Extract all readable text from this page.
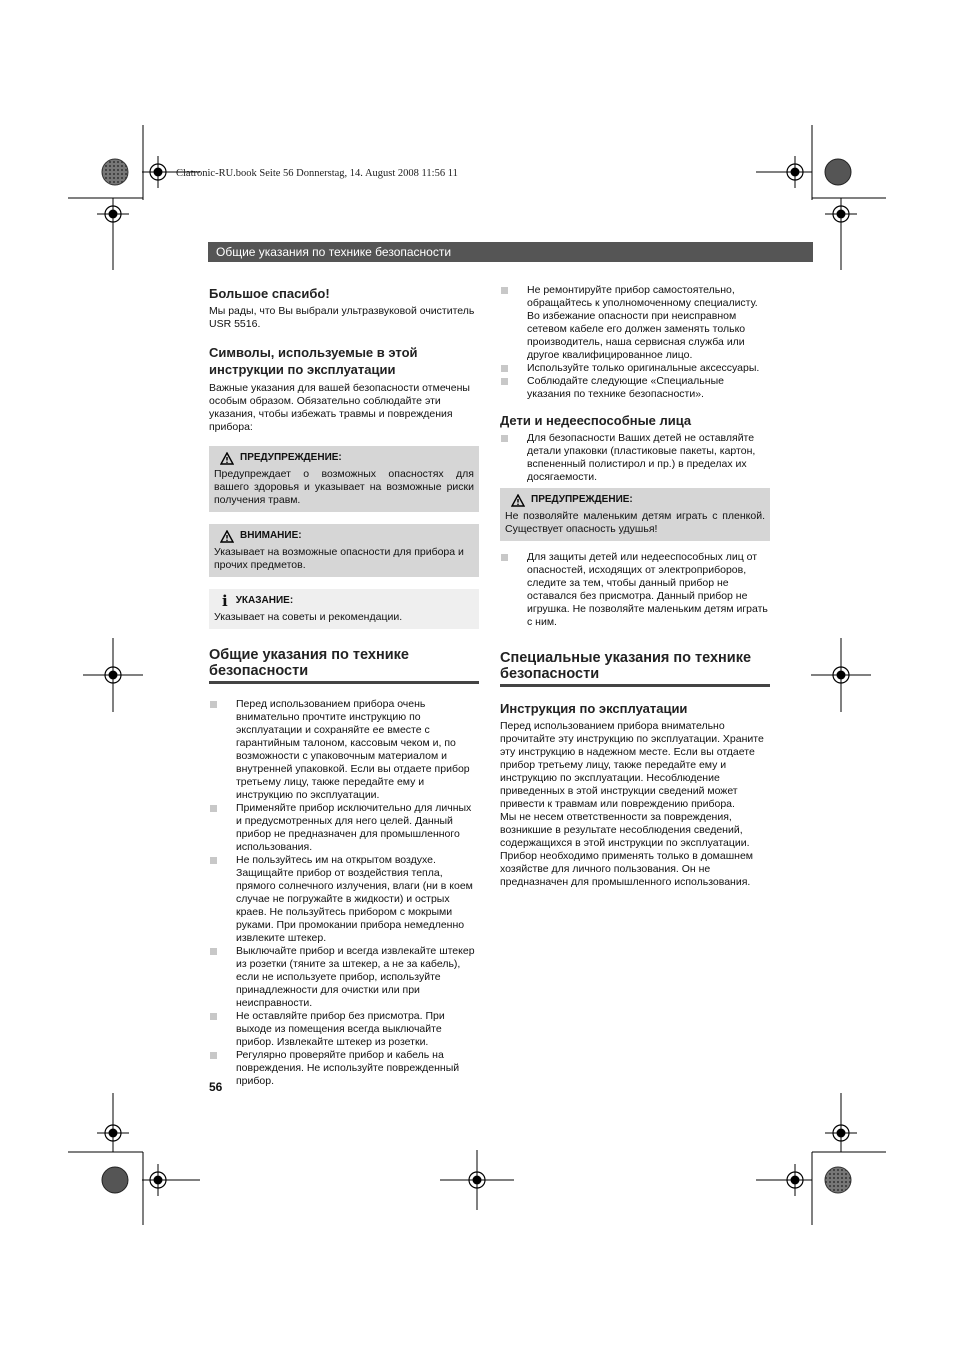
Clatronic-RU.book Seite 56 Donnerstag, 14. August 2008 11:56 11
Общие указания по технике безопасности
Большое спасибо!

Мы рады, что Вы выбрали ультразвуковой очиститель USR 5516.

Символы, используемые в этой инструкции по эксплуатации

Важные указания для вашей безопасности отмечены особым образом. Обязательно соблюдайте эти указания, чтобы избежать травмы и повреждения прибора:

ПРЕДУПРЕЖДЕНИЕ:

Предупреждает о возможных опасностях для вашего здоровья и указывает на возможные риски получения травм.

ВНИМАНИЕ:

Указывает на возможные опасности для прибора и прочих предметов.

i УКАЗАНИЕ:

Указывает на советы и рекомендации.

Общие указания по технике безопасности
Перед использованием прибора очень внимательно прочтите инструкцию по эксплуатации и сохраняйте ее вместе с гарантийным талоном, кассовым чеком и, по возможности с упаковочным материалом и внутренней упаковкой. Если вы отдаете прибор третьему лицу, также передайте ему и инструкцию по эксплуатации.
Применяйте прибор исключительно для личных и предусмотренных для него целей. Данный прибор не предназначен для промышленного использования.
Не пользуйтесь им на открытом воздухе. Защищайте прибор от воздействия тепла, прямого солнечного излучения, влаги (ни в коем случае не погружайте в жидкости) и острых краев. Не пользуйтесь прибором с мокрыми руками. При промокании прибора немедленно извлеките штекер.
Выключайте прибор и всегда извлекайте штекер из розетки (тяните за штекер, а не за кабель), если не используете прибор, используйте принадлежности для очистки или при неисправности.
Не оставляйте прибор без присмотра. При выходе из помещения всегда выключайте прибор. Извлекайте штекер из розетки.
Регулярно проверяйте прибор и кабель на повреждения. Не используйте поврежденный прибор.
Не ремонтируйте прибор самостоятельно, обращайтесь к уполномоченному специалисту. Во избежание опасности при неисправном сетевом кабеле его должен заменять только производитель, наша сервисная служба или другое квалифицированное лицо.
Используйте только оригинальные аксессуары.
Соблюдайте следующие «Специальные указания по технике безопасности».
Дети и недееспособные лица
Для безопасности Ваших детей не оставляйте детали упаковки (пластиковые пакеты, картон, вспененный полистирол и пр.) в пределах их досягаемости.
ПРЕДУПРЕЖДЕНИЕ:

Не позволяйте маленьким детям играть с пленкой. Существует опасность удушья!

Для защиты детей или недееспособных лиц от опасностей, исходящих от электроприборов, следите за тем, чтобы данный прибор не оставался без присмотра. Данный прибор не игрушка. Не позволяйте маленьким детям играть с ним.
Специальные указания по технике безопасности
Инструкция по эксплуатации

Перед использованием прибора внимательно прочитайте эту инструкцию по эксплуатации. Храните эту инструкцию в надежном месте. Если вы отдаете прибор третьему лицу, также передайте ему и инструкцию по эксплуатации. Несоблюдение приведенных в этой инструкции сведений может привести к травмам или повреждению прибора.

Мы не несем ответственности за повреждения, возникшие в результате несоблюдения сведений, содержащихся в этой инструкции по эксплуатации. Прибор необходимо применять только в домашнем хозяйстве для личного пользования. Он не предназначен для промышленного использования.

56
